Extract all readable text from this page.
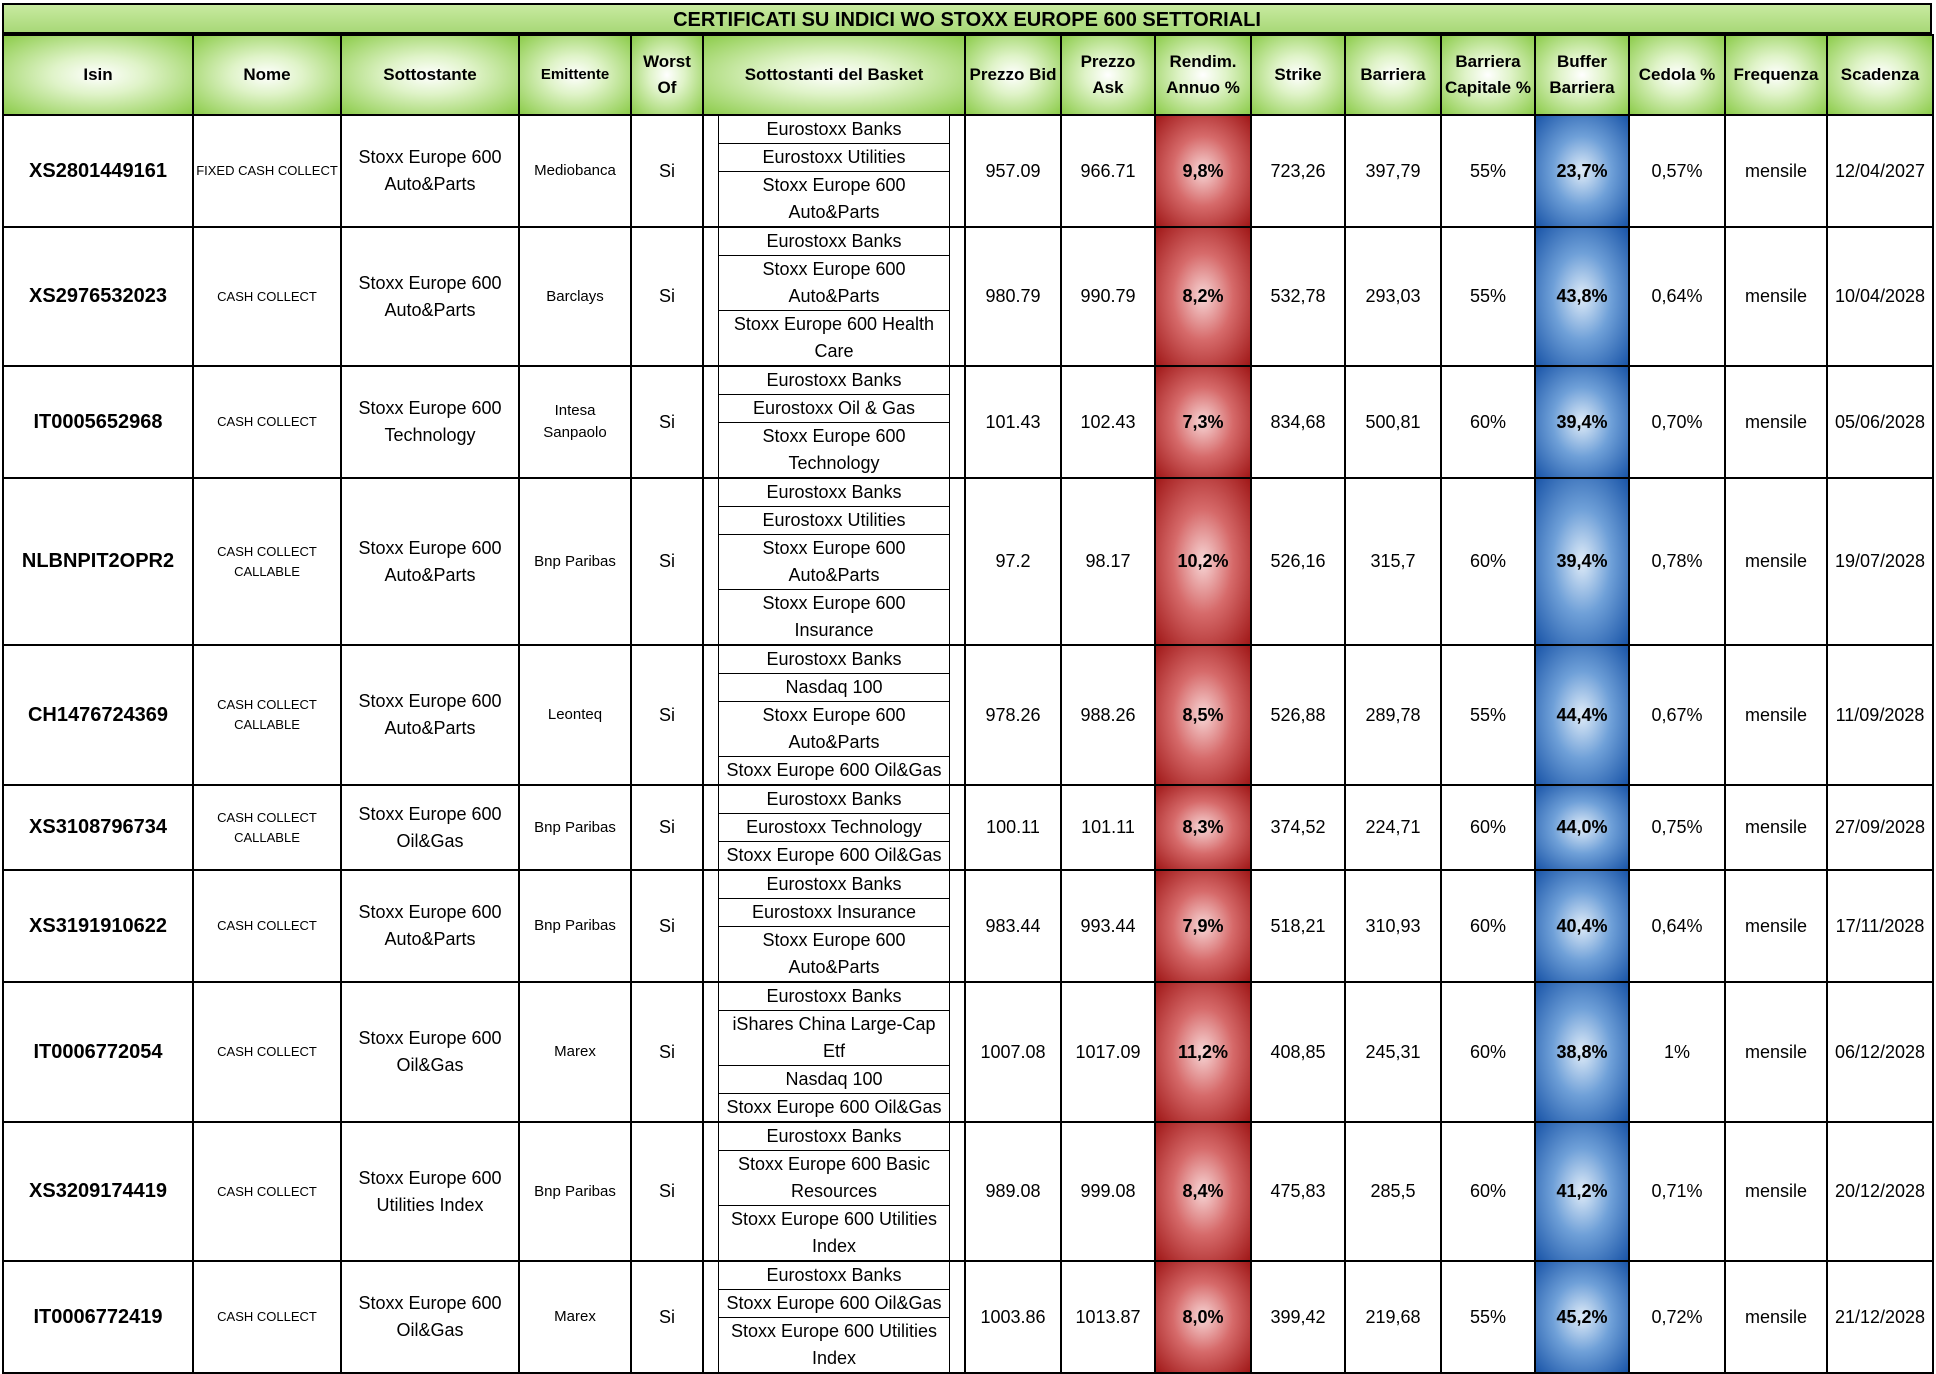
CERTIFICATI SU INDICI WO STOXX EUROPE 600 SETTORIALI
Isin	Nome	Sottostante	Emittente	Worst
Of	Sottostanti del Basket	Prezzo Bid	Prezzo
Ask	Rendim.
Annuo %	Strike	Barriera	Barriera
Capitale %	Buffer
Barriera	Cedola %	Frequenza	Scadenza
XS2801449161	FIXED CASH COLLECT	Stoxx Europe 600
Auto&Parts	Mediobanca	Si	Eurostoxx Banks
Eurostoxx Utilities
Stoxx Europe 600 Auto&Parts	957.09	966.71	9,8%	723,26	397,79	55%	23,7%	0,57%	mensile	12/04/2027
XS2976532023	CASH COLLECT	Stoxx Europe 600
Auto&Parts	Barclays	Si	Eurostoxx Banks
Stoxx Europe 600 Auto&Parts
Stoxx Europe 600 Health Care	980.79	990.79	8,2%	532,78	293,03	55%	43,8%	0,64%	mensile	10/04/2028
IT0005652968	CASH COLLECT	Stoxx Europe 600
Technology	Intesa
Sanpaolo	Si	Eurostoxx Banks
Eurostoxx Oil & Gas
Stoxx Europe 600 Technology	101.43	102.43	7,3%	834,68	500,81	60%	39,4%	0,70%	mensile	05/06/2028
NLBNPIT2OPR2	CASH COLLECT
CALLABLE	Stoxx Europe 600
Auto&Parts	Bnp Paribas	Si	Eurostoxx Banks
Eurostoxx Utilities
Stoxx Europe 600 Auto&Parts
Stoxx Europe 600 Insurance	97.2	98.17	10,2%	526,16	315,7	60%	39,4%	0,78%	mensile	19/07/2028
CH1476724369	CASH COLLECT
CALLABLE	Stoxx Europe 600
Auto&Parts	Leonteq	Si	Eurostoxx Banks
Nasdaq 100
Stoxx Europe 600 Auto&Parts
Stoxx Europe 600 Oil&Gas	978.26	988.26	8,5%	526,88	289,78	55%	44,4%	0,67%	mensile	11/09/2028
XS3108796734	CASH COLLECT
CALLABLE	Stoxx Europe 600
Oil&Gas	Bnp Paribas	Si	Eurostoxx Banks
Eurostoxx Technology
Stoxx Europe 600 Oil&Gas	100.11	101.11	8,3%	374,52	224,71	60%	44,0%	0,75%	mensile	27/09/2028
XS3191910622	CASH COLLECT	Stoxx Europe 600
Auto&Parts	Bnp Paribas	Si	Eurostoxx Banks
Eurostoxx Insurance
Stoxx Europe 600 Auto&Parts	983.44	993.44	7,9%	518,21	310,93	60%	40,4%	0,64%	mensile	17/11/2028
IT0006772054	CASH COLLECT	Stoxx Europe 600
Oil&Gas	Marex	Si	Eurostoxx Banks
iShares China Large-Cap Etf
Nasdaq 100
Stoxx Europe 600 Oil&Gas	1007.08	1017.09	11,2%	408,85	245,31	60%	38,8%	1%	mensile	06/12/2028
XS3209174419	CASH COLLECT	Stoxx Europe 600
Utilities Index	Bnp Paribas	Si	Eurostoxx Banks
Stoxx Europe 600 Basic Resources
Stoxx Europe 600 Utilities Index	989.08	999.08	8,4%	475,83	285,5	60%	41,2%	0,71%	mensile	20/12/2028
IT0006772419	CASH COLLECT	Stoxx Europe 600
Oil&Gas	Marex	Si	Eurostoxx Banks
Stoxx Europe 600 Oil&Gas
Stoxx Europe 600 Utilities Index	1003.86	1013.87	8,0%	399,42	219,68	55%	45,2%	0,72%	mensile	21/12/2028
